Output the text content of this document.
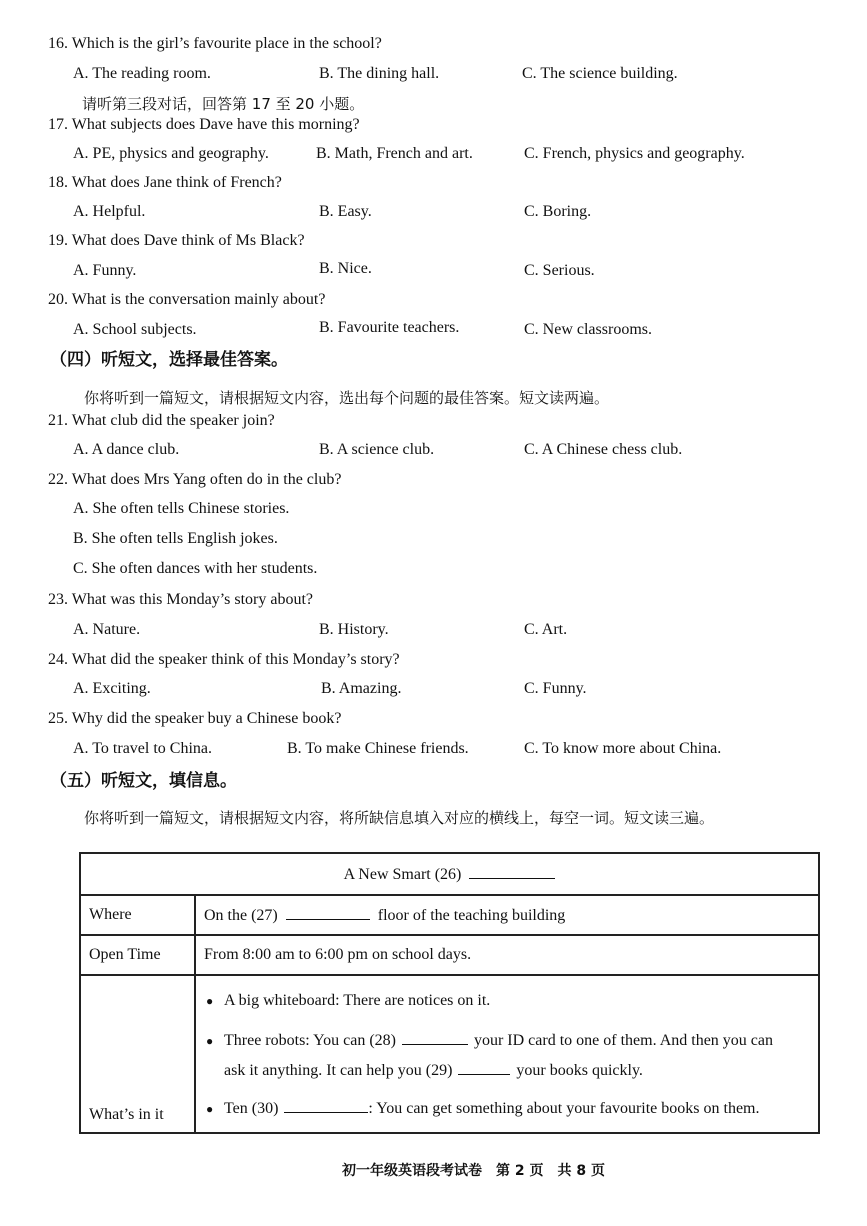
16. Which is the girl’s favourite place in the school?
A. The reading room.	B. The dining hall.	C. The science building.
请听第三段对话，回答第 17 至 20 小题。
17. What subjects does Dave have this morning?
A. PE, physics and geography.	B. Math, French and art.	C. French, physics and geography.
18. What does Jane think of French?
A. Helpful.	B. Easy.	C. Boring.
19. What does Dave think of Ms Black?
A. Funny.	B. Nice.	C. Serious.
20. What is the conversation mainly about?
A. School subjects.	B. Favourite teachers.	C. New classrooms.
（四）听短文，选择最佳答案。
你将听到一篇短文，请根据短文内容，选出每个问题的最佳答案。短文读两遍。
21. What club did the speaker join?
A. A dance club.	B. A science club.	C. A Chinese chess club.
22. What does Mrs Yang often do in the club?
A. She often tells Chinese stories.
B. She often tells English jokes.
C. She often dances with her students.
23. What was this Monday’s story about?
A. Nature.	B. History.	C. Art.
24. What did the speaker think of this Monday’s story?
A. Exciting.	B. Amazing.	C. Funny.
25. Why did the speaker buy a Chinese book?
A. To travel to China.	B. To make Chinese friends.	C. To know more about China.
（五）听短文，填信息。
你将听到一篇短文，请根据短文内容，将所缺信息填入对应的横线上，每空一词。短文读三遍。
A New Smart (26)	
Where	On the (27) floor of the teaching building
Open Time	From 8:00 am to 6:00 pm on school days.
What’s in it	● A big whiteboard: There are notices on it.
● Three robots: You can (28) your ID card to one of them. And then you can
ask it anything. It can help you (29) your books quickly.
● Ten (30) : You can get something about your favourite books on them.
初一年级英语段考试卷　第 2 页　共 8 页
